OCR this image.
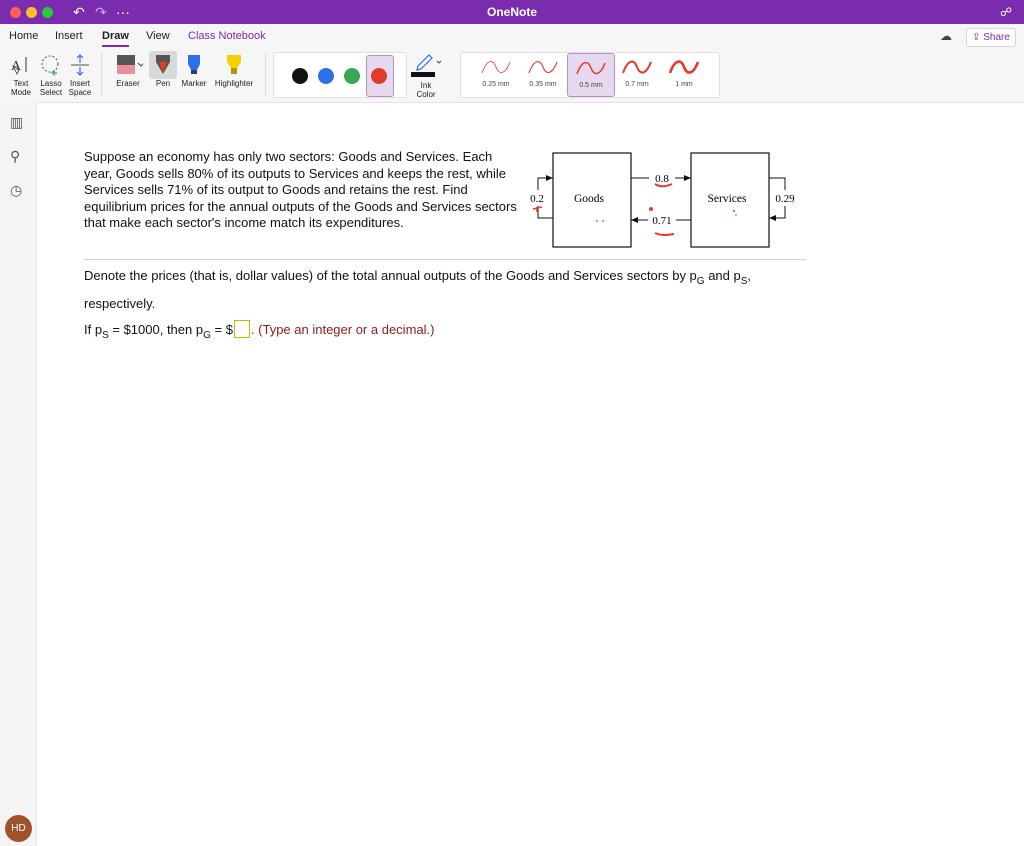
↶ ↷ ···	OneNote	☍
Home Insert Draw View Class Notebook	☁	⇪ Share
A
Text
Mode
Lasso
Select
Insert
Space
Eraser	Pen	Marker	Highlighter	Ink
Color
0.25 mm	0.35 mm	0.5 mm	0.7 mm	1 mm
▥
⚲
◷
HD
Suppose an economy has only two sectors: Goods and Services. Each year, Goods sells 80% of its outputs to Services and keeps the rest, while Services sells 71% of its output to Goods and retains the rest. Find equilibrium prices for the annual outputs of the Goods and Services sectors that make each sector's income match its expenditures.
Goods	Services
0.2
0.8
0.71
0.29
Denote the prices (that is, dollar values) of the total annual outputs of the Goods and Services sectors by $p_G$ and $p_S$,
respectively.
If $p_S$ = $1000, then $p_G$ = $ . (Type an integer or a decimal.)
